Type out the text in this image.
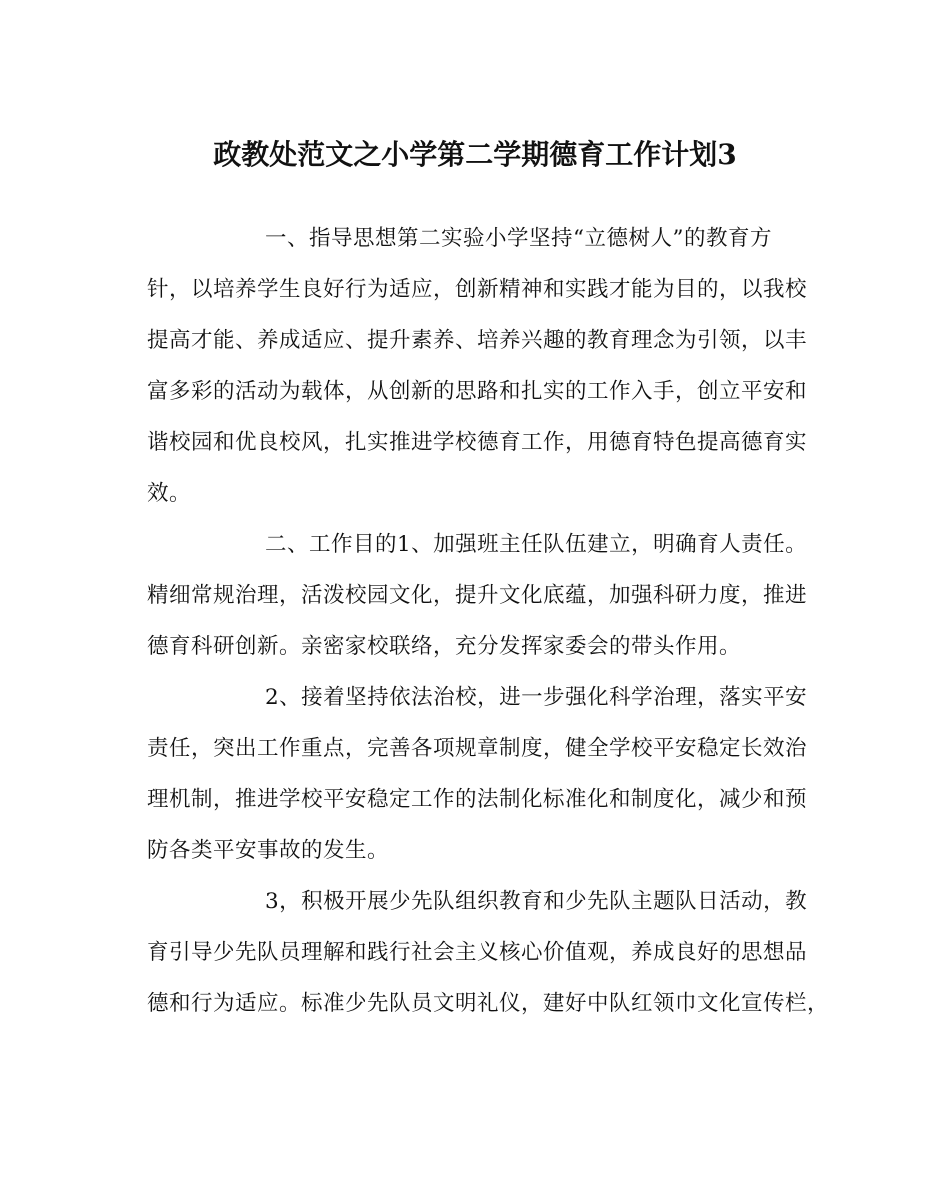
政教处范文之小学第二学期德育工作计划3
一、指导思想第二实验小学坚持“立德树人”的教育方
针，以培养学生良好行为适应，创新精神和实践才能为目的，以我校
提高才能、养成适应、提升素养、培养兴趣的教育理念为引领，以丰
富多彩的活动为载体，从创新的思路和扎实的工作入手，创立平安和
谐校园和优良校风，扎实推进学校德育工作，用德育特色提高德育实
效。
二、工作目的1、加强班主任队伍建立，明确育人责任。
精细常规治理，活泼校园文化，提升文化底蕴，加强科研力度，推进
德育科研创新。亲密家校联络，充分发挥家委会的带头作用。
2、接着坚持依法治校，进一步强化科学治理，落实平安
责任，突出工作重点，完善各项规章制度，健全学校平安稳定长效治
理机制，推进学校平安稳定工作的法制化标准化和制度化，减少和预
防各类平安事故的发生。
3，积极开展少先队组织教育和少先队主题队日活动，教
育引导少先队员理解和践行社会主义核心价值观，养成良好的思想品
德和行为适应。标准少先队员文明礼仪，建好中队红领巾文化宣传栏，
